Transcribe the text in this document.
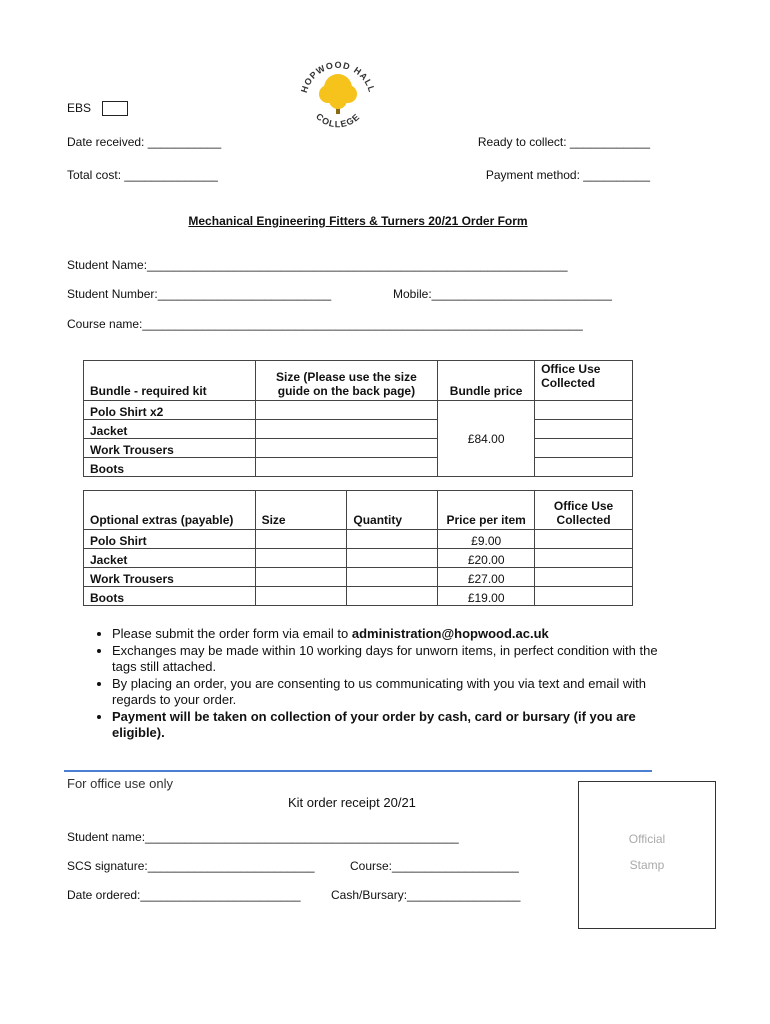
HOPWOOD HALL
COLLEGE
EBS
Date received: ___________	Ready to collect: ____________
Total cost: ______________	Payment method: __________
Mechanical Engineering Fitters & Turners 20/21 Order Form
Student Name:_______________________________________________________________
Student Number:__________________________	Mobile:___________________________
Course name:__________________________________________________________________
Bundle - required kit	Size (Please use the size guide on the back page)	Bundle price	Office Use Collected
Polo Shirt x2		£84.00	
Jacket			
Work Trousers			
Boots			
Optional extras (payable)	Size	Quantity	Price per item	Office Use Collected
Polo Shirt			£9.00	
Jacket			£20.00	
Work Trousers			£27.00	
Boots			£19.00	
• Please submit the order form via email to administration@hopwood.ac.uk
• Exchanges may be made within 10 working days for unworn items, in perfect condition with the tags still attached.
• By placing an order, you are consenting to us communicating with you via text and email with regards to your order.
• Payment will be taken on collection of your order by cash, card or bursary (if you are eligible).
For office use only
Kit order receipt 20/21
Student name:_______________________________________________
SCS signature:_________________________	Course:___________________
Date ordered:________________________	Cash/Bursary:_________________
Official
Stamp
